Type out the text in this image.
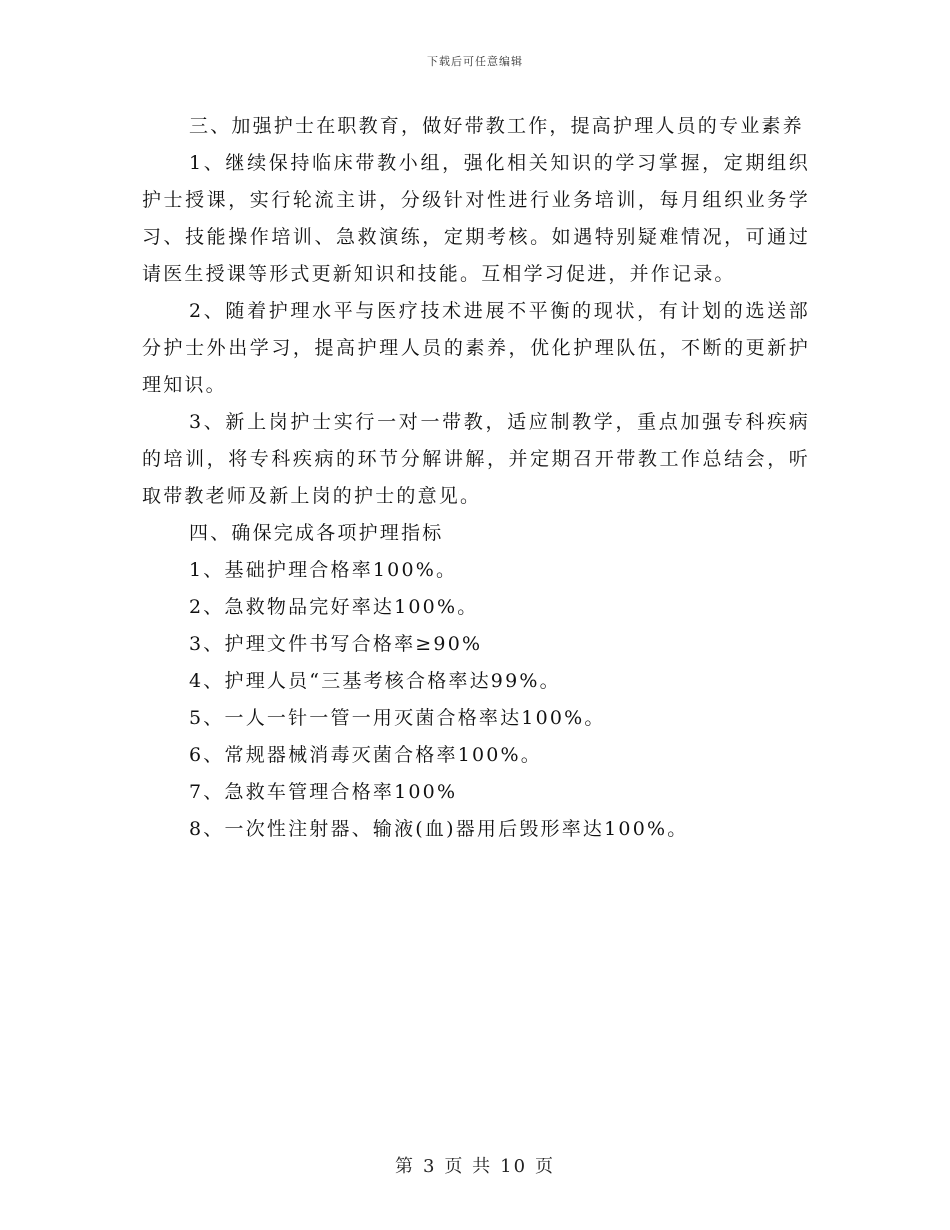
下载后可任意编辑

三、加强护士在职教育，做好带教工作，提高护理人员的专业素养

1、继续保持临床带教小组，强化相关知识的学习掌握，定期组织护士授课，实行轮流主讲，分级针对性进行业务培训，每月组织业务学习、技能操作培训、急救演练，定期考核。如遇特别疑难情况，可通过请医生授课等形式更新知识和技能。互相学习促进，并作记录。

2、随着护理水平与医疗技术进展不平衡的现状，有计划的选送部分护士外出学习，提高护理人员的素养，优化护理队伍，不断的更新护理知识。

3、新上岗护士实行一对一带教，适应制教学，重点加强专科疾病的培训，将专科疾病的环节分解讲解，并定期召开带教工作总结会，听取带教老师及新上岗的护士的意见。

四、确保完成各项护理指标

1、基础护理合格率100%。

2、急救物品完好率达100%。

3、护理文件书写合格率≥90%

4、护理人员“三基考核合格率达99%。

5、一人一针一管一用灭菌合格率达100%。

6、常规器械消毒灭菌合格率100%。

7、急救车管理合格率100%

8、一次性注射器、输液(血)器用后毁形率达100%。

第 3 页 共 10 页
